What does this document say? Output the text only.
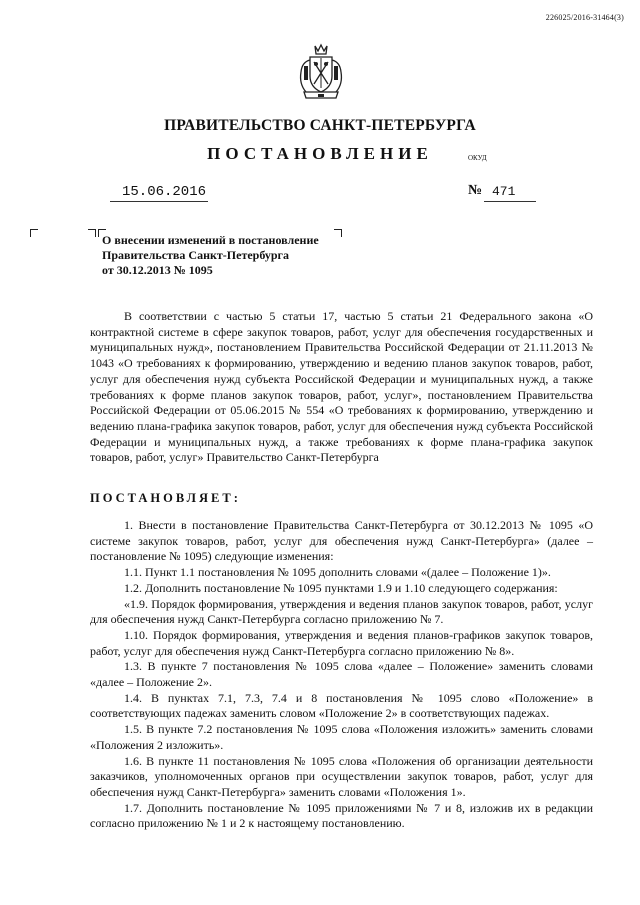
226025/2016-31464(3)
ПРАВИТЕЛЬСТВО САНКТ-ПЕТЕРБУРГА
ПОСТАНОВЛЕНИЕ	ОКУД
15.06.2016	№ 471
О внесении изменений в постановление
Правительства Санкт-Петербурга
от 30.12.2013 № 1095

В соответствии с частью 5 статьи 17, частью 5 статьи 21 Федерального закона «О контрактной системе в сфере закупок товаров, работ, услуг для обеспечения государственных и муниципальных нужд», постановлением Правительства Российской Федерации от 21.11.2013 № 1043 «О требованиях к формированию, утверждению и ведению планов закупок товаров, работ, услуг для обеспечения нужд субъекта Российской Федерации и муниципальных нужд, а также требованиях к форме планов закупок товаров, работ, услуг», постановлением Правительства Российской Федерации от 05.06.2015 № 554 «О требованиях к формированию, утверждению и ведению плана-графика закупок товаров, работ, услуг для обеспечения нужд субъекта Российской Федерации и муниципальных нужд, а также требованиях к форме плана-графика закупок товаров, работ, услуг» Правительство Санкт-Петербурга

ПОСТАНОВЛЯЕТ:

1. Внести в постановление Правительства Санкт-Петербурга от 30.12.2013 № 1095 «О системе закупок товаров, работ, услуг для обеспечения нужд Санкт-Петербурга» (далее – постановление № 1095) следующие изменения:

1.1. Пункт 1.1 постановления № 1095 дополнить словами «(далее – Положение 1)».

1.2. Дополнить постановление № 1095 пунктами 1.9 и 1.10 следующего содержания:

«1.9. Порядок формирования, утверждения и ведения планов закупок товаров, работ, услуг для обеспечения нужд Санкт-Петербурга согласно приложению № 7.

1.10. Порядок формирования, утверждения и ведения планов-графиков закупок товаров, работ, услуг для обеспечения нужд Санкт-Петербурга согласно приложению № 8».

1.3. В пункте 7 постановления № 1095 слова «далее – Положение» заменить словами «далее – Положение 2».

1.4. В пунктах 7.1, 7.3, 7.4 и 8 постановления № 1095 слово «Положение» в соответствующих падежах заменить словом «Положение 2» в соответствующих падежах.

1.5. В пункте 7.2 постановления № 1095 слова «Положения изложить» заменить словами «Положения 2 изложить».

1.6. В пункте 11 постановления № 1095 слова «Положения об организации деятельности заказчиков, уполномоченных органов при осуществлении закупок товаров, работ, услуг для обеспечения нужд Санкт-Петербурга» заменить словами «Положения 1».

1.7. Дополнить постановление № 1095 приложениями № 7 и 8, изложив их в редакции согласно приложению № 1 и 2 к настоящему постановлению.
